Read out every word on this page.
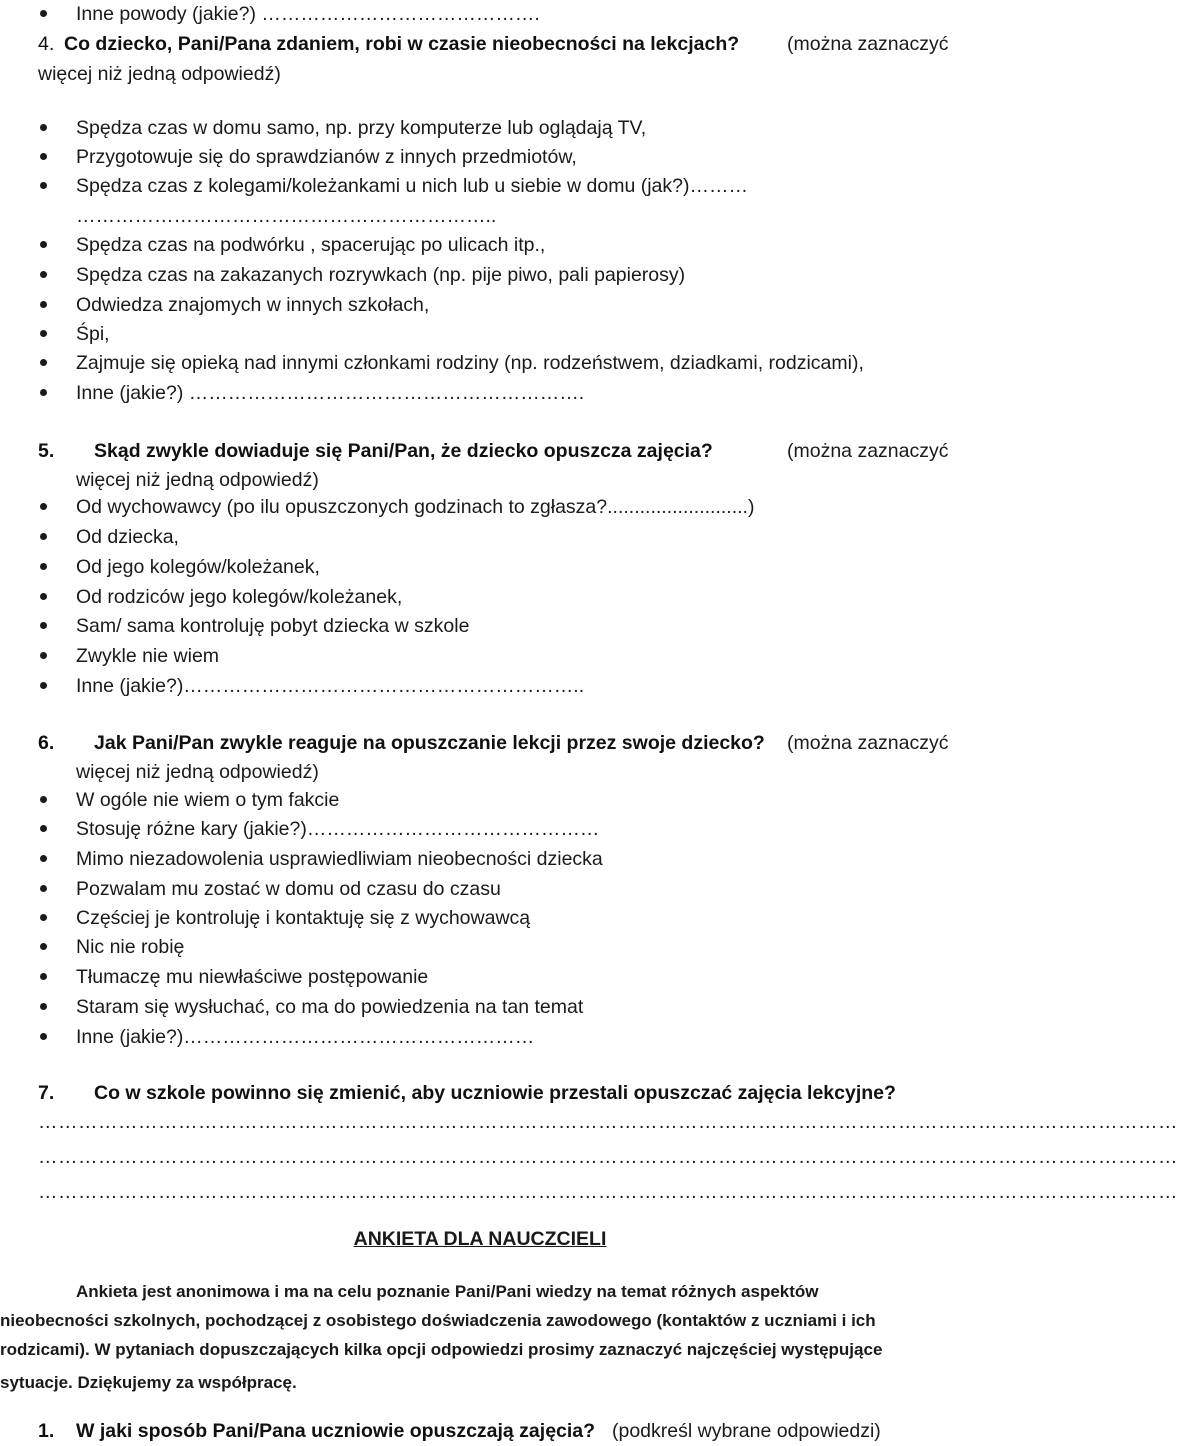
Inne powody (jakie?) …………………………………….
4. Co dziecko, Pani/Pana zdaniem, robi w czasie nieobecności na lekcjach? (można zaznaczyć
więcej niż jedną odpowiedź)
Spędza czas w domu samo, np. przy komputerze lub oglądają TV,
Przygotowuje się do sprawdzianów z innych przedmiotów,
Spędza czas z kolegami/koleżankami u nich lub u siebie w domu (jak?)………
………………………………………………………..
Spędza czas na podwórku , spacerując po ulicach itp.,
Spędza czas na zakazanych rozrywkach (np. pije piwo, pali papierosy)
Odwiedza znajomych w innych szkołach,
Śpi,
Zajmuje się opieką nad innymi członkami rodziny (np. rodzeństwem, dziadkami, rodzicami),
Inne (jakie?) …………………………………………………….
5. Skąd zwykle dowiaduje się Pani/Pan, że dziecko opuszcza zajęcia?	(można zaznaczyć
więcej niż jedną odpowiedź)
Od wychowawcy (po ilu opuszczonych godzinach to zgłasza?..........................)
Od dziecka,
Od jego kolegów/koleżanek,
Od rodziców jego kolegów/koleżanek,
Sam/ sama kontroluję pobyt dziecka w szkole
Zwykle nie wiem
Inne (jakie?)……………………………………………………..
6. Jak Pani/Pan zwykle reaguje na opuszczanie lekcji przez swoje dziecko? (można zaznaczyć
więcej niż jedną odpowiedź)
W ogóle nie wiem o tym fakcie
Stosuję różne kary (jakie?)………………………………………
Mimo niezadowolenia usprawiedliwiam nieobecności dziecka
Pozwalam mu zostać w domu od czasu do czasu
Częściej je kontroluję i kontaktuję się z wychowawcą
Nic nie robię
Tłumaczę mu niewłaściwe postępowanie
Staram się wysłuchać, co ma do powiedzenia na tan temat
Inne (jakie?)………………………………………………
7. Co w szkole powinno się zmienić, aby uczniowie przestali opuszczać zajęcia lekcyjne?
………………………………………………………………………………………………………………………………………………………
………………………………………………………………………………………………………………………………………………………
………………………………………………………………………………………………………………………………………………………
ANKIETA DLA NAUCZCIELI
Ankieta jest anonimowa i ma na celu poznanie Pani/Pani wiedzy na temat różnych aspektów
nieobecności szkolnych, pochodzącej z osobistego doświadczenia zawodowego (kontaktów z uczniami i ich
rodzicami). W pytaniach dopuszczających kilka opcji odpowiedzi prosimy zaznaczyć najczęściej występujące
sytuacje. Dziękujemy za współpracę.
1. W jaki sposób Pani/Pana uczniowie opuszczają zajęcia? (podkreśl wybrane odpowiedzi)
